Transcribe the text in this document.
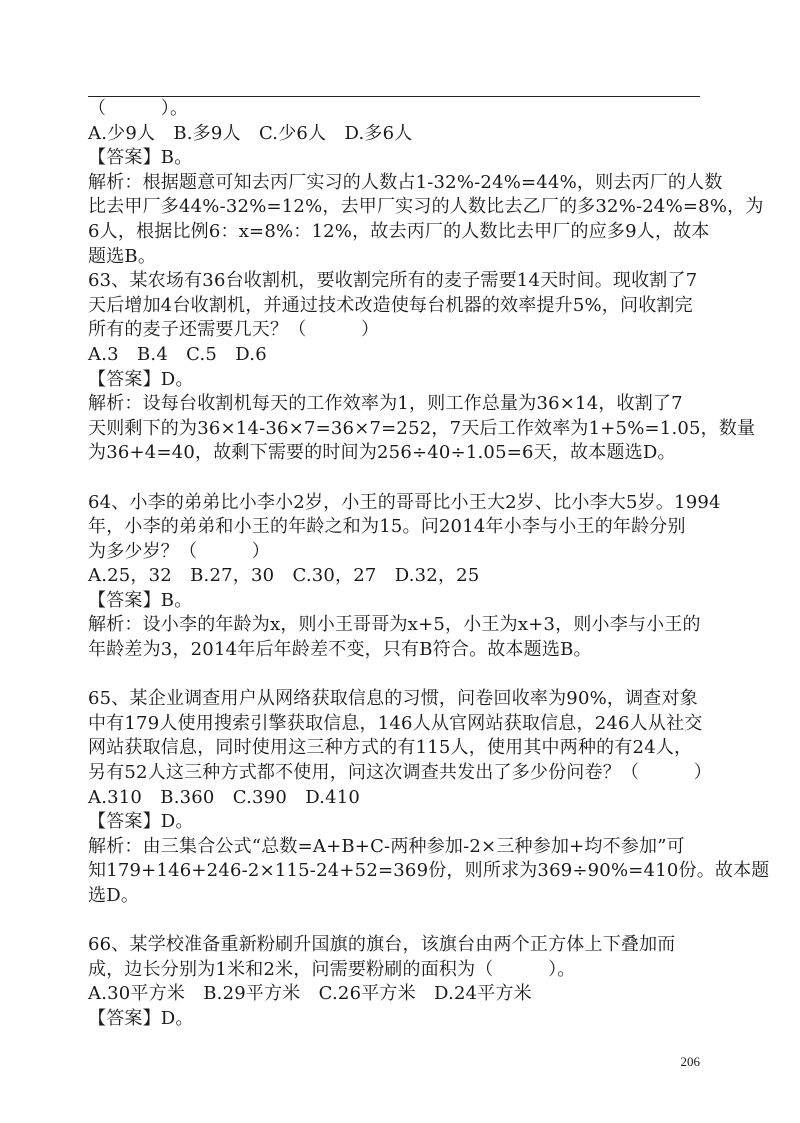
（　　　）。
A.少9人　B.多9人　C.少6人　D.多6人
【答案】B。
解析：根据题意可知去丙厂实习的人数占1-32%-24%=44%，则去丙厂的人数
比去甲厂多44%-32%=12%，去甲厂实习的人数比去乙厂的多32%-24%=8%，为
6人，根据比例6：x=8%：12%，故去丙厂的人数比去甲厂的应多9人，故本
题选B。
63、某农场有36台收割机，要收割完所有的麦子需要14天时间。现收割了7
天后增加4台收割机，并通过技术改造使每台机器的效率提升5%，问收割完
所有的麦子还需要几天？（　　　）
A.3　B.4　C.5　D.6
【答案】D。
解析：设每台收割机每天的工作效率为1，则工作总量为36×14，收割了7
天则剩下的为36×14-36×7=36×7=252，7天后工作效率为1+5%=1.05，数量
为36+4=40，故剩下需要的时间为256÷40÷1.05=6天，故本题选D。
64、小李的弟弟比小李小2岁，小王的哥哥比小王大2岁、比小李大5岁。1994
年，小李的弟弟和小王的年龄之和为15。问2014年小李与小王的年龄分别
为多少岁？（　　　）
A.25，32　B.27，30　C.30，27　D.32，25
【答案】B。
解析：设小李的年龄为x，则小王哥哥为x+5，小王为x+3，则小李与小王的
年龄差为3，2014年后年龄差不变，只有B符合。故本题选B。
65、某企业调查用户从网络获取信息的习惯，问卷回收率为90%，调查对象
中有179人使用搜索引擎获取信息，146人从官网站获取信息，246人从社交
网站获取信息，同时使用这三种方式的有115人，使用其中两种的有24人，
另有52人这三种方式都不使用，问这次调查共发出了多少份问卷？（　　　）
A.310　B.360　C.390　D.410
【答案】D。
解析：由三集合公式“总数=A+B+C-两种参加-2×三种参加+均不参加”可
知179+146+246-2×115-24+52=369份，则所求为369÷90%=410份。故本题
选D。
66、某学校准备重新粉刷升国旗的旗台，该旗台由两个正方体上下叠加而
成，边长分别为1米和2米，问需要粉刷的面积为（　　　）。
A.30平方米　B.29平方米　C.26平方米　D.24平方米
【答案】D。
206
